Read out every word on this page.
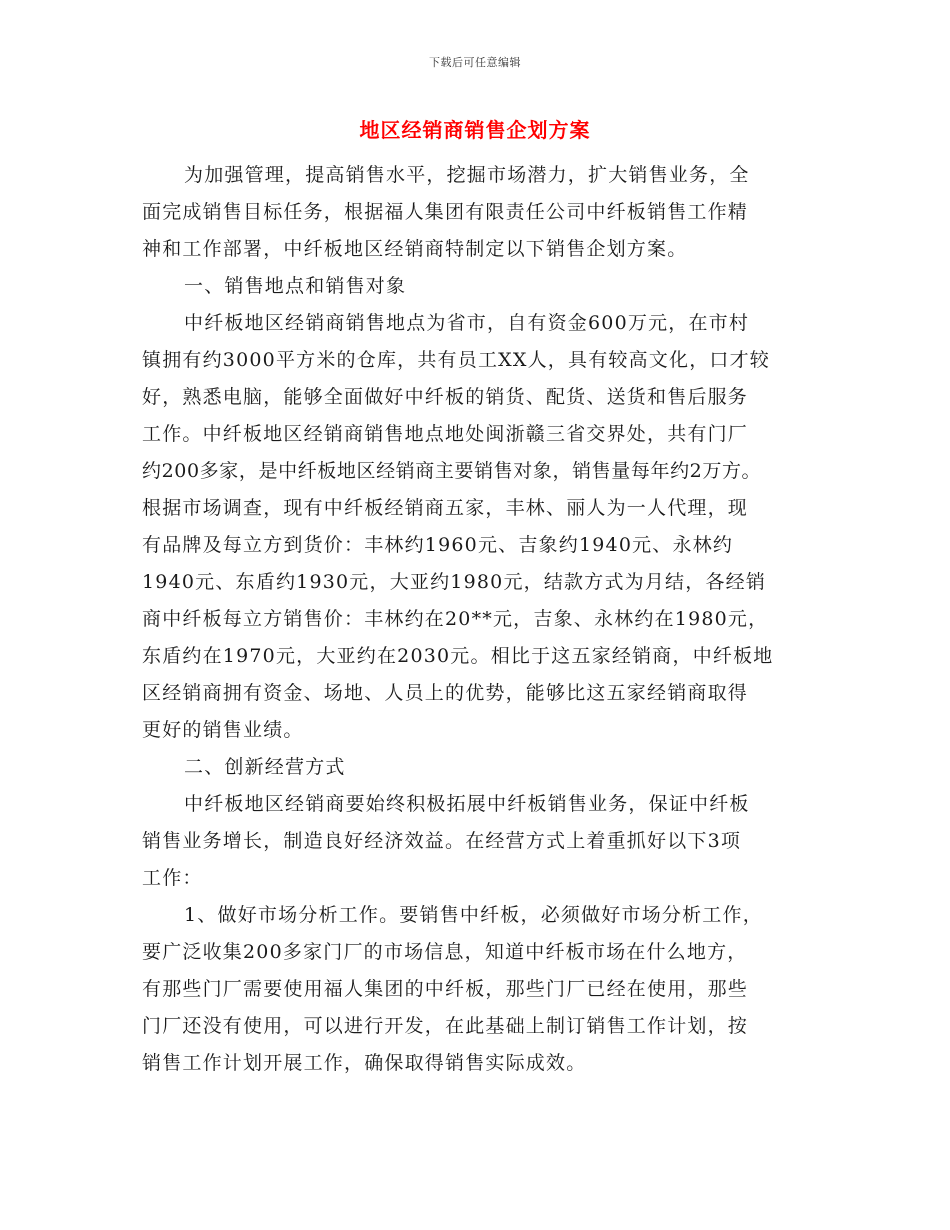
下载后可任意编辑
地区经销商销售企划方案
为加强管理，提高销售水平，挖掘市场潜力，扩大销售业务，全
面完成销售目标任务，根据福人集团有限责任公司中纤板销售工作精
神和工作部署，中纤板地区经销商特制定以下销售企划方案。
一、销售地点和销售对象
中纤板地区经销商销售地点为省市，自有资金600万元，在市村
镇拥有约3000平方米的仓库，共有员工XX人，具有较高文化，口才较
好，熟悉电脑，能够全面做好中纤板的销货、配货、送货和售后服务
工作。中纤板地区经销商销售地点地处闽浙赣三省交界处，共有门厂
约200多家，是中纤板地区经销商主要销售对象，销售量每年约2万方。
根据市场调查，现有中纤板经销商五家，丰林、丽人为一人代理，现
有品牌及每立方到货价：丰林约1960元、吉象约1940元、永林约
1940元、东盾约1930元，大亚约1980元，结款方式为月结，各经销
商中纤板每立方销售价：丰林约在20**元，吉象、永林约在1980元，
东盾约在1970元，大亚约在2030元。相比于这五家经销商，中纤板地
区经销商拥有资金、场地、人员上的优势，能够比这五家经销商取得
更好的销售业绩。
二、创新经营方式
中纤板地区经销商要始终积极拓展中纤板销售业务，保证中纤板
销售业务增长，制造良好经济效益。在经营方式上着重抓好以下3项
工作：
1、做好市场分析工作。要销售中纤板，必须做好市场分析工作，
要广泛收集200多家门厂的市场信息，知道中纤板市场在什么地方，
有那些门厂需要使用福人集团的中纤板，那些门厂已经在使用，那些
门厂还没有使用，可以进行开发，在此基础上制订销售工作计划，按
销售工作计划开展工作，确保取得销售实际成效。
